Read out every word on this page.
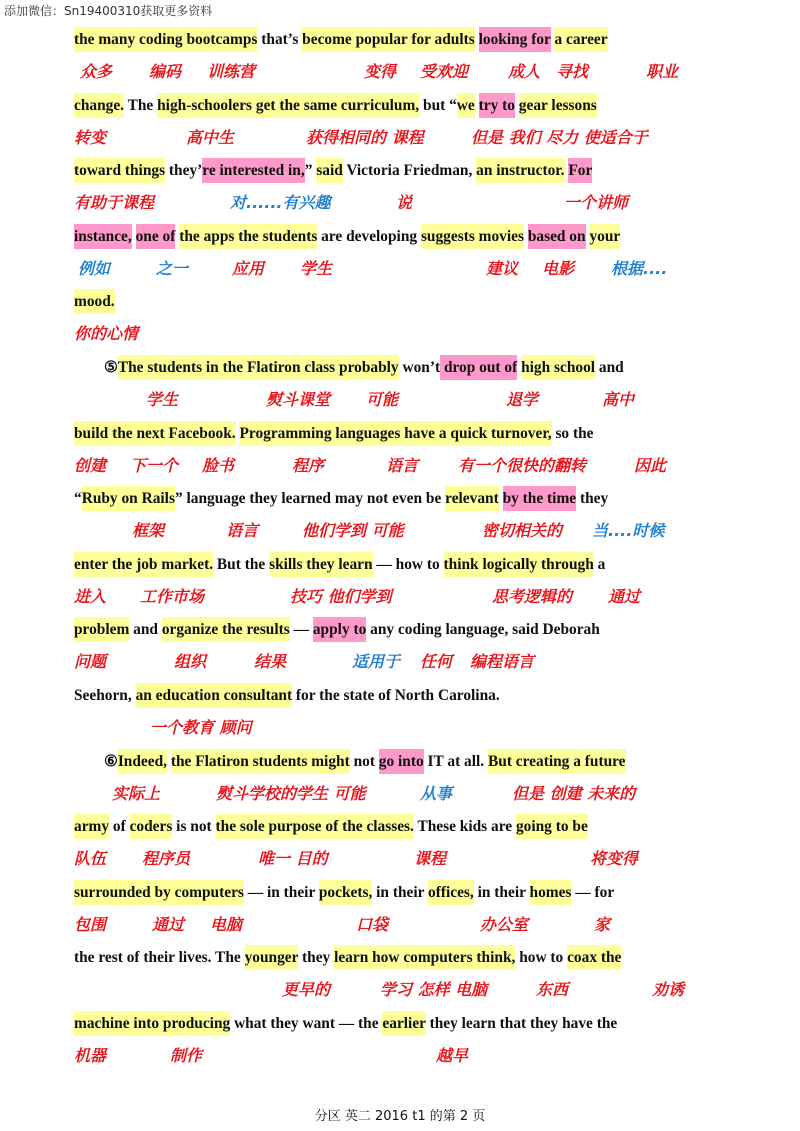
添加微信：Sn19400310获取更多资料
the many coding bootcamps that’s become popular for adults looking for a career
众多 编码 训练营	变得 受欢迎 成人 寻找	职业
change. The high-schoolers get the same curriculum, but “we try to gear lessons
转变	高中生	获得相同的 课程	但是 我们 尽力 使适合于
toward things they’re interested in,” said Victoria Friedman, an instructor. For
有助于课程	对......有兴趣	说	一个讲师
instance, one of the apps the students are developing suggests movies based on your
例如	之一	应用 学生	建议 电影 根据....
mood.
你的心情
⑤The students in the Flatiron class probably won’t drop out of high school and
学生	熨斗课堂 可能	退学	高中
build the next Facebook. Programming languages have a quick turnover, so the
创建 下一个 脸书	程序	语言 有一个很快的翻转	因此
“Ruby on Rails” language they learned may not even be relevant by the time they
框架	语言	他们学到 可能	密切相关的 当....时候
enter the job market. But the skills they learn — how to think logically through a
进入 工作市场	技巧 他们学到	思考逻辑的 通过
problem and organize the results — apply to any coding language, said Deborah
问题	组织	结果	适用于 任何 编程语言
Seehorn, an education consultant for the state of North Carolina.
一个教育 顾问
⑥Indeed, the Flatiron students might not go into IT at all. But creating a future
实际上	熨斗学校的学生 可能	从事	但是 创建 未来的
army of coders is not the sole purpose of the classes. These kids are going to be
队伍 程序员	唯一 目的	课程	将变得
surrounded by computers — in their pockets, in their offices, in their homes — for
包围	通过 电脑	口袋	办公室	家
the rest of their lives. The younger they learn how computers think, how to coax the
更早的	学习 怎样 电脑	东西	劝诱
machine into producing what they want — the earlier they learn that they have the
机器	制作	越早
分区 英二 2016 t1 的第 2 页
